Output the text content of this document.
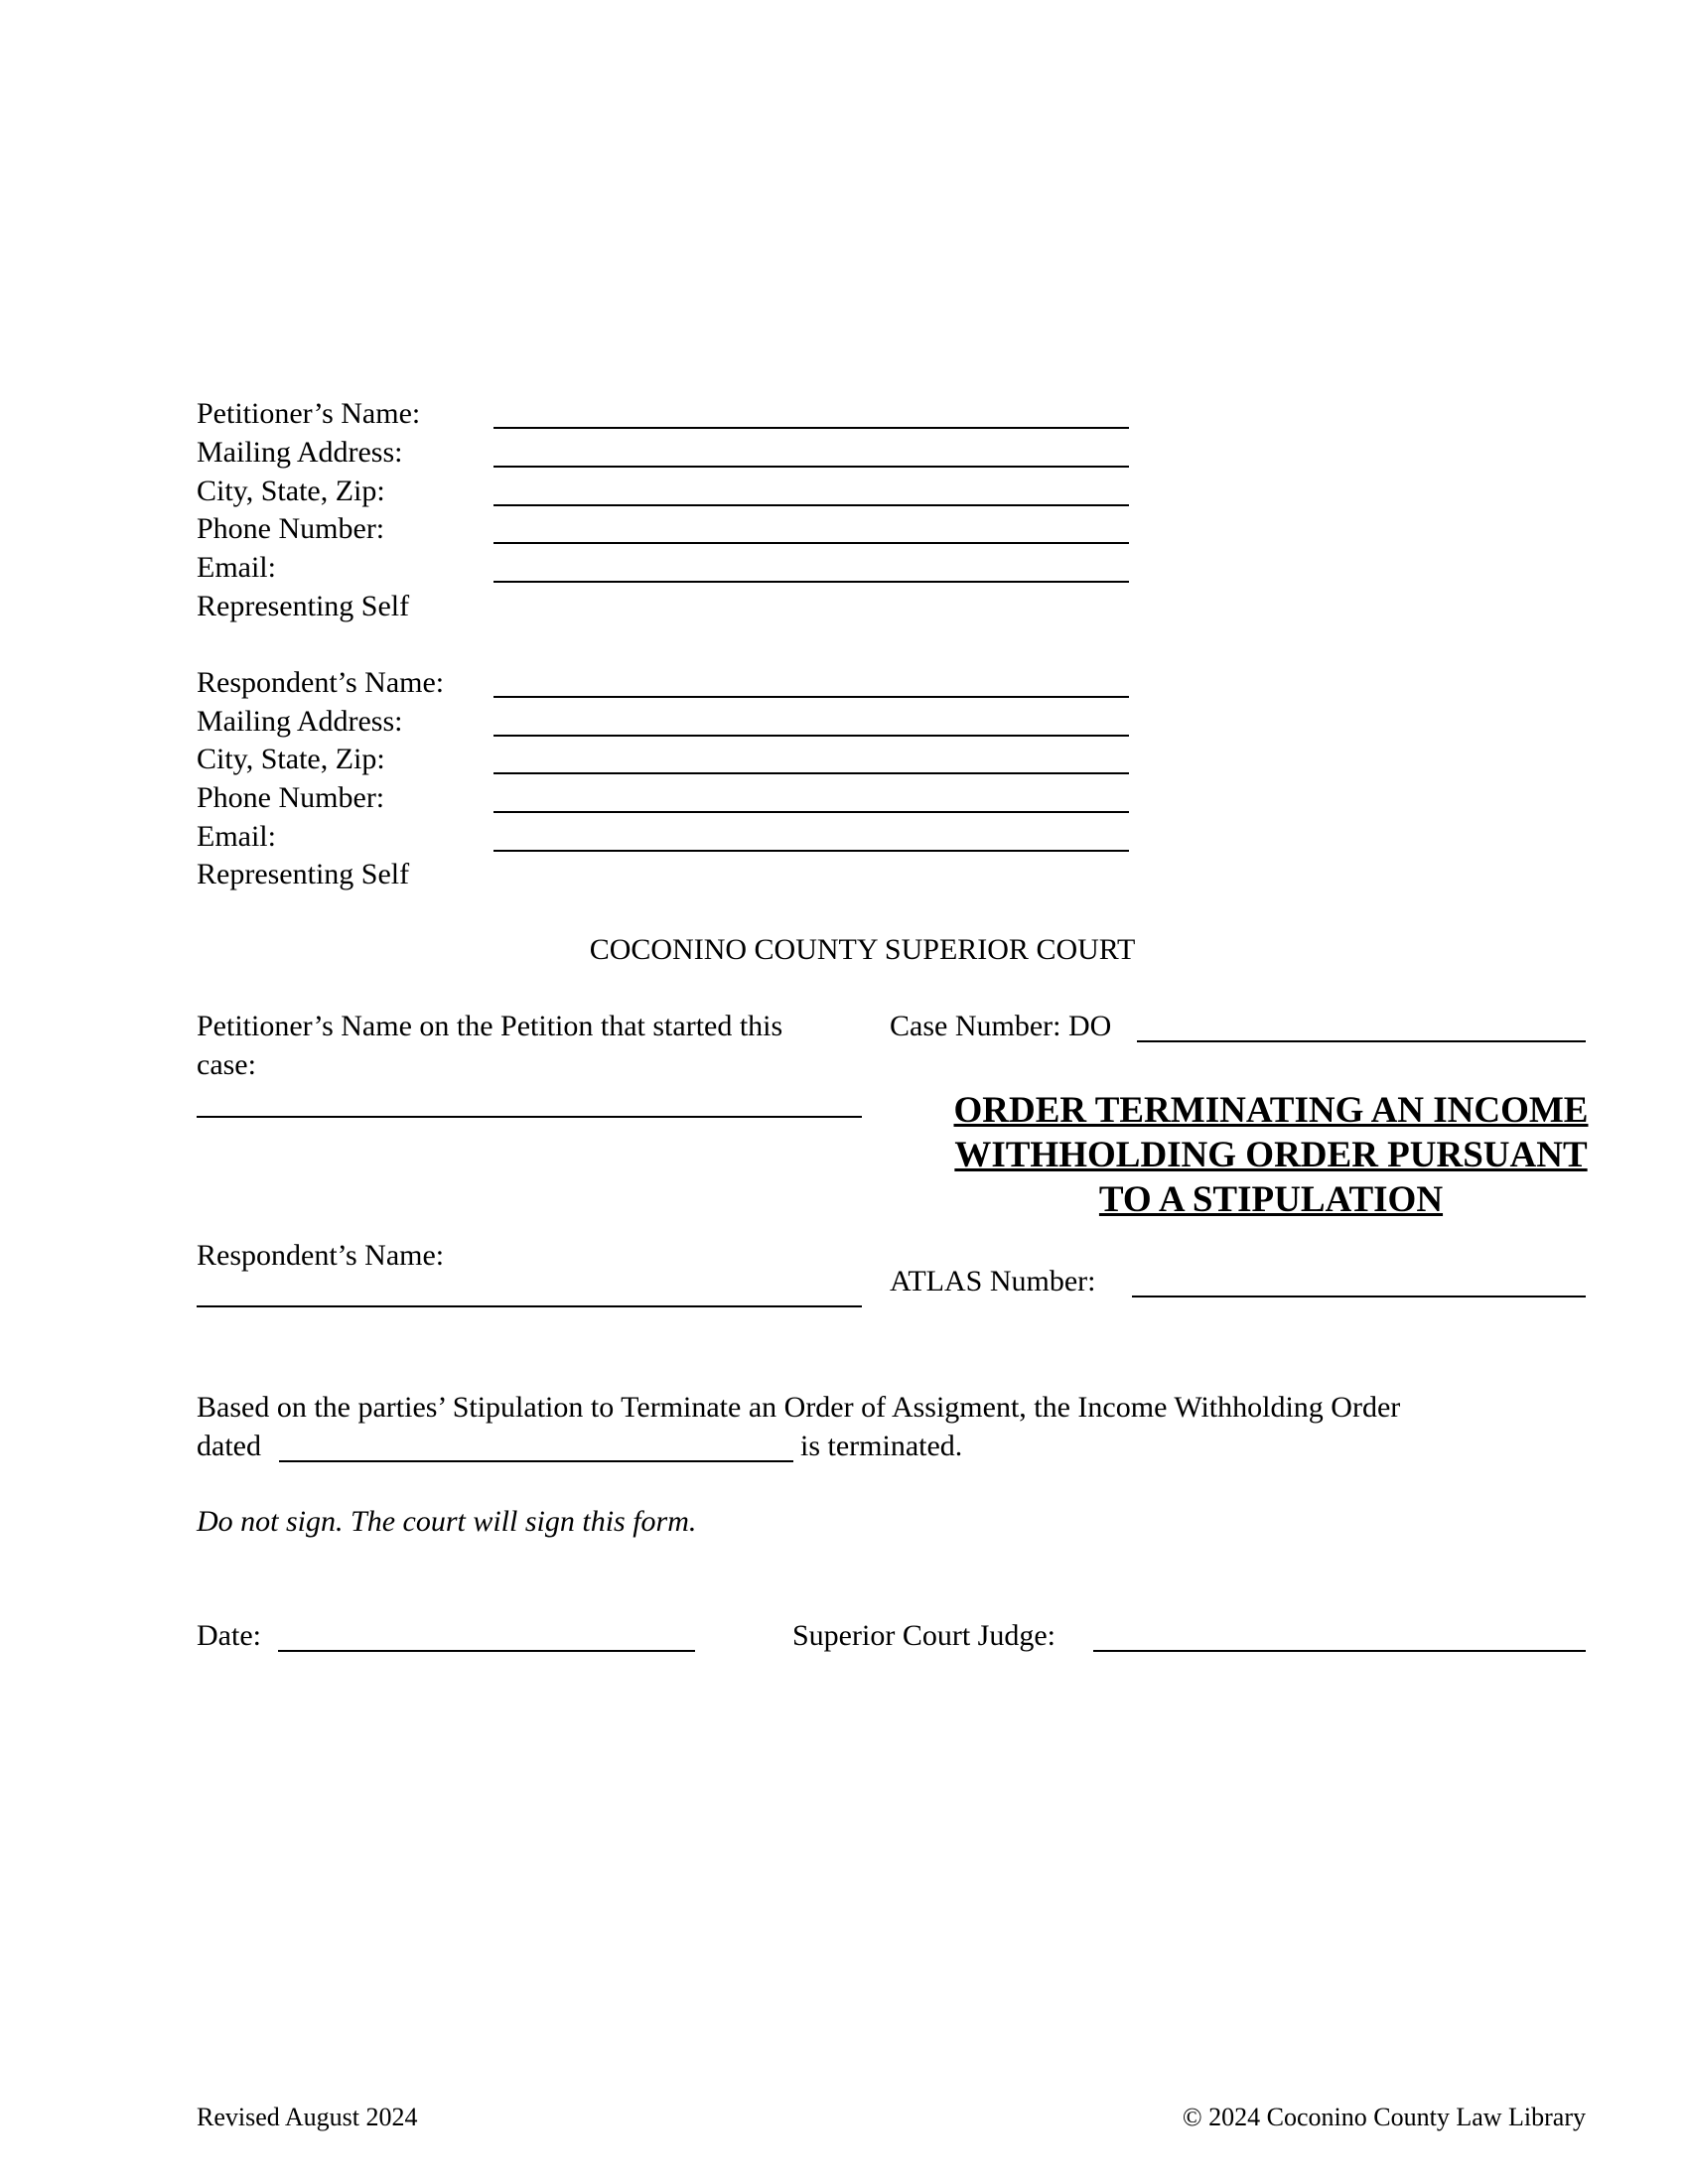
Petitioner’s Name:
Mailing Address:
City, State, Zip:
Phone Number:
Email:
Representing Self
Respondent’s Name:
Mailing Address:
City, State, Zip:
Phone Number:
Email:
Representing Self
COCONINO COUNTY SUPERIOR COURT
Petitioner’s Name on the Petition that started this
case:
Respondent’s Name:
Case Number: DO
ORDER TERMINATING AN INCOME
WITHHOLDING ORDER PURSUANT
TO A STIPULATION
ATLAS Number:
Based on the parties’ Stipulation to Terminate an Order of Assigment, the Income Withholding Order
dated	is terminated.
Do not sign. The court will sign this form.
Date:	Superior Court Judge:
Revised August 2024	© 2024 Coconino County Law Library
